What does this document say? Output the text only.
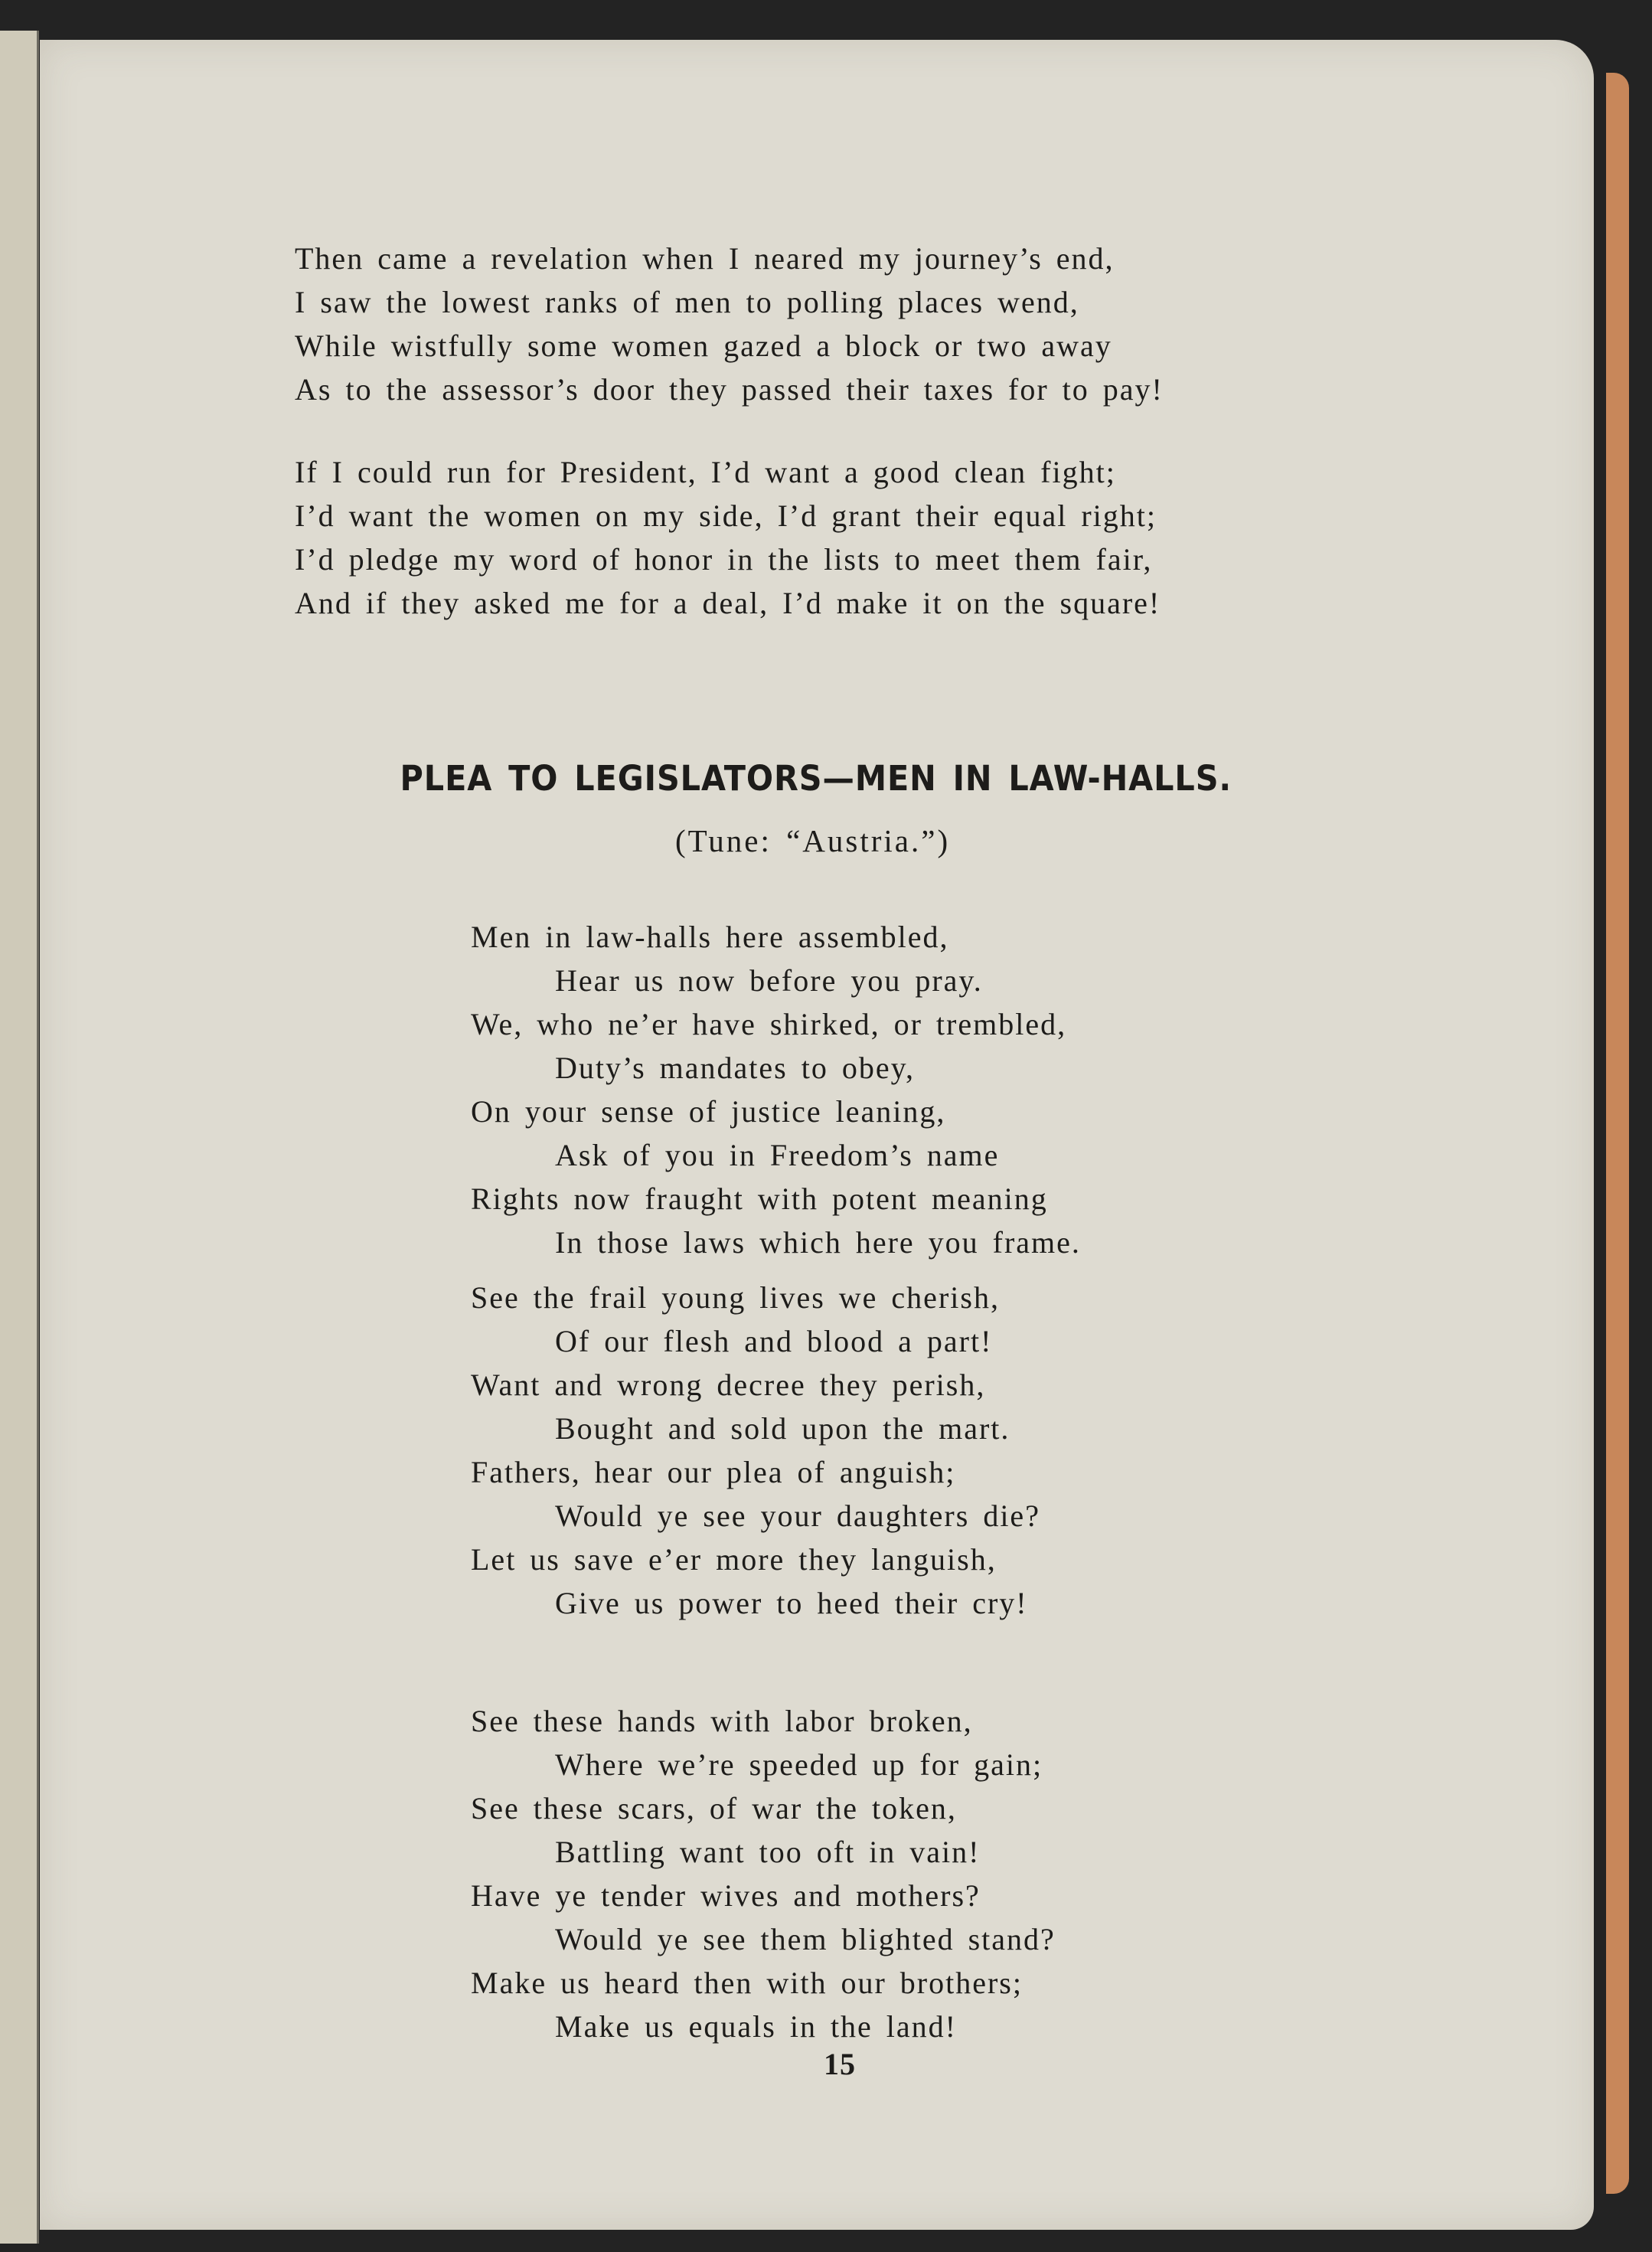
Then came a revelation when I neared my journey’s end,
I saw the lowest ranks of men to polling places wend,
While wistfully some women gazed a block or two away
As to the assessor’s door they passed their taxes for to pay!
If I could run for President, I’d want a good clean fight;
I’d want the women on my side, I’d grant their equal right;
I’d pledge my word of honor in the lists to meet them fair,
And if they asked me for a deal, I’d make it on the square!
PLEA TO LEGISLATORS—MEN IN LAW-HALLS.
(Tune: “Austria.”)
Men in law-halls here assembled,
Hear us now before you pray.
We, who ne’er have shirked, or trembled,
Duty’s mandates to obey,
On your sense of justice leaning,
Ask of you in Freedom’s name
Rights now fraught with potent meaning
In those laws which here you frame.
See the frail young lives we cherish,
Of our flesh and blood a part!
Want and wrong decree they perish,
Bought and sold upon the mart.
Fathers, hear our plea of anguish;
Would ye see your daughters die?
Let us save e’er more they languish,
Give us power to heed their cry!
See these hands with labor broken,
Where we’re speeded up for gain;
See these scars, of war the token,
Battling want too oft in vain!
Have ye tender wives and mothers?
Would ye see them blighted stand?
Make us heard then with our brothers;
Make us equals in the land!
15
